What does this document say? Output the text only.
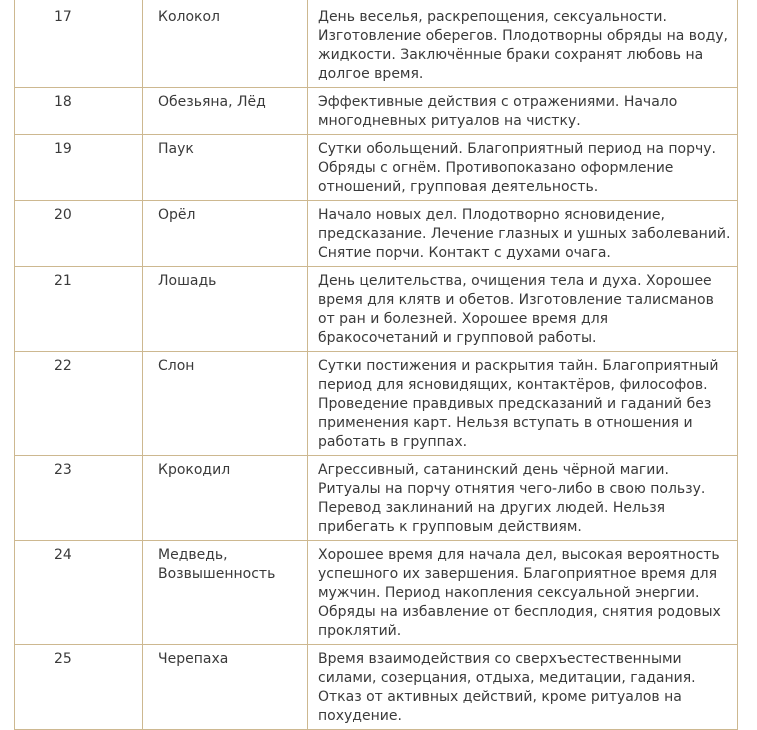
17	Колокол	День веселья, раскрепощения, сексуальности. Изготовление оберегов. Плодотворны обряды на воду, жидкости. Заключённые браки сохранят любовь на долгое время.
18	Обезьяна, Лёд	Эффективные действия с отражениями. Начало многодневных ритуалов на чистку.
19	Паук	Сутки обольщений. Благоприятный период на порчу. Обряды с огнём. Противопоказано оформление отношений, групповая деятельность.
20	Орёл	Начало новых дел. Плодотворно ясновидение, предсказание. Лечение глазных и ушных заболеваний. Снятие порчи. Контакт с духами очага.
21	Лошадь	День целительства, очищения тела и духа. Хорошее время для клятв и обетов. Изготовление талисманов от ран и болезней. Хорошее время для бракосочетаний и групповой работы.
22	Слон	Сутки постижения и раскрытия тайн. Благоприятный период для ясновидящих, контактёров, философов. Проведение правдивых предсказаний и гаданий без применения карт. Нельзя вступать в отношения и работать в группах.
23	Крокодил	Агрессивный, сатанинский день чёрной магии. Ритуалы на порчу отнятия чего-либо в свою пользу. Перевод заклинаний на других людей. Нельзя прибегать к групповым действиям.
24	Медведь, Возвышенность	Хорошее время для начала дел, высокая вероятность успешного их завершения. Благоприятное время для мужчин. Период накопления сексуальной энергии. Обряды на избавление от бесплодия, снятия родовых проклятий.
25	Черепаха	Время взаимодействия со сверхъестественными силами, созерцания, отдыха, медитации, гадания. Отказ от активных действий, кроме ритуалов на похудение.
